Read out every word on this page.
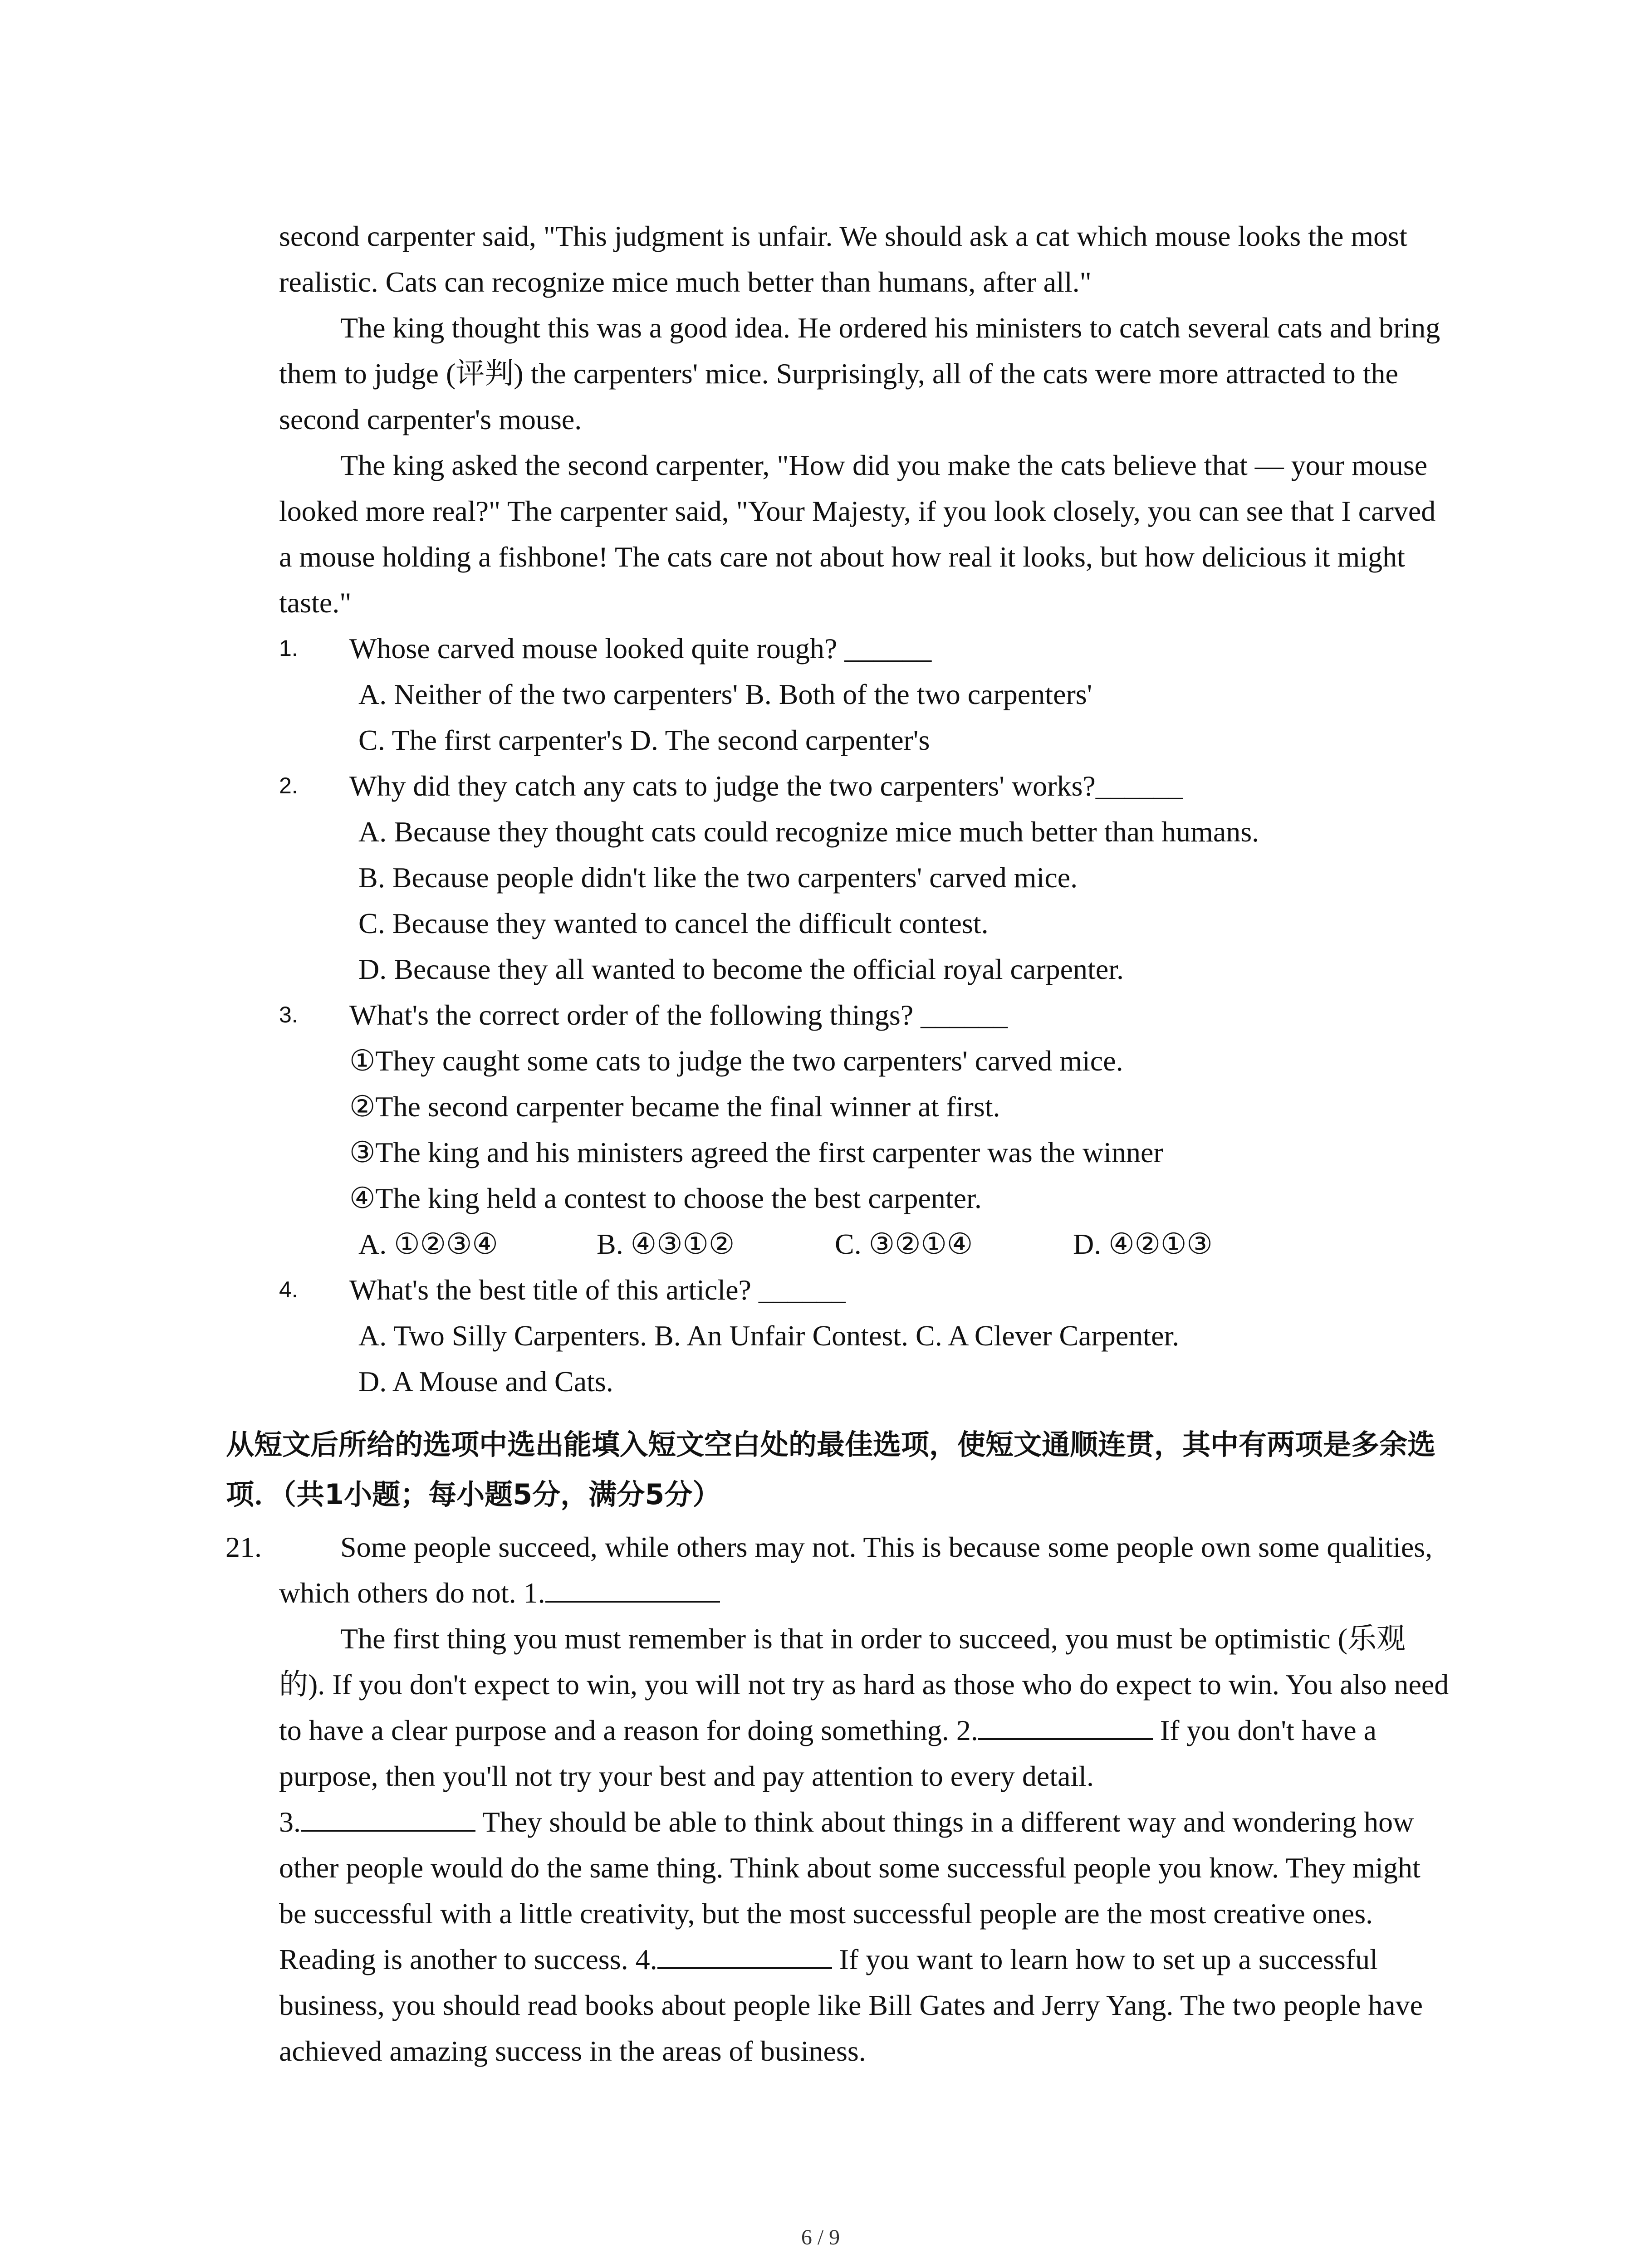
second carpenter said, "This judgment is unfair. We should ask a cat which mouse looks the most realistic. Cats can recognize mice much better than humans, after all."

The king thought this was a good idea. He ordered his ministers to catch several cats and bring them to judge (评判) the carpenters' mice. Surprisingly, all of the cats were more attracted to the second carpenter's mouse.

The king asked the second carpenter, "How did you make the cats believe that — your mouse looked more real?" The carpenter said, "Your Majesty, if you look closely, you can see that I carved a mouse holding a fishbone! The cats care not about how real it looks, but how delicious it might taste."

1. Whose carved mouse looked quite rough? ______

A. Neither of the two carpenters' B. Both of the two carpenters'

C. The first carpenter's D. The second carpenter's

2. Why did they catch any cats to judge the two carpenters' works?______

A. Because they thought cats could recognize mice much better than humans.

B. Because people didn't like the two carpenters' carved mice.

C. Because they wanted to cancel the difficult contest.

D. Because they all wanted to become the official royal carpenter.

3. What's the correct order of the following things? ______

①They caught some cats to judge the two carpenters' carved mice.

②The second carpenter became the final winner at first.

③The king and his ministers agreed the first carpenter was the winner

④The king held a contest to choose the best carpenter.

A. ①②③④	B. ④③①②	C. ③②①④	D. ④②①③
4. What's the best title of this article? ______

A. Two Silly Carpenters. B. An Unfair Contest. C. A Clever Carpenter.

D. A Mouse and Cats.

从短文后所给的选项中选出能填入短文空白处的最佳选项，使短文通顺连贯，其中有两项是多余选项．（共1小题；每小题5分，满分5分）

21.	Some people succeed, while others may not. This is because some people own some qualities, which others do not. 1.

The first thing you must remember is that in order to succeed, you must be optimistic (乐观的). If you don't expect to win, you will not try as hard as those who do expect to win. You also need to have a clear purpose and a reason for doing something. 2.	If you don't have a purpose, then you'll not try your best and pay attention to every detail.

3.	They should be able to think about things in a different way and wondering how other people would do the same thing. Think about some successful people you know. They might be successful with a little creativity, but the most successful people are the most creative ones.

Reading is another to success. 4.	If you want to learn how to set up a successful business, you should read books about people like Bill Gates and Jerry Yang. The two people have achieved amazing success in the areas of business.

6 / 9
